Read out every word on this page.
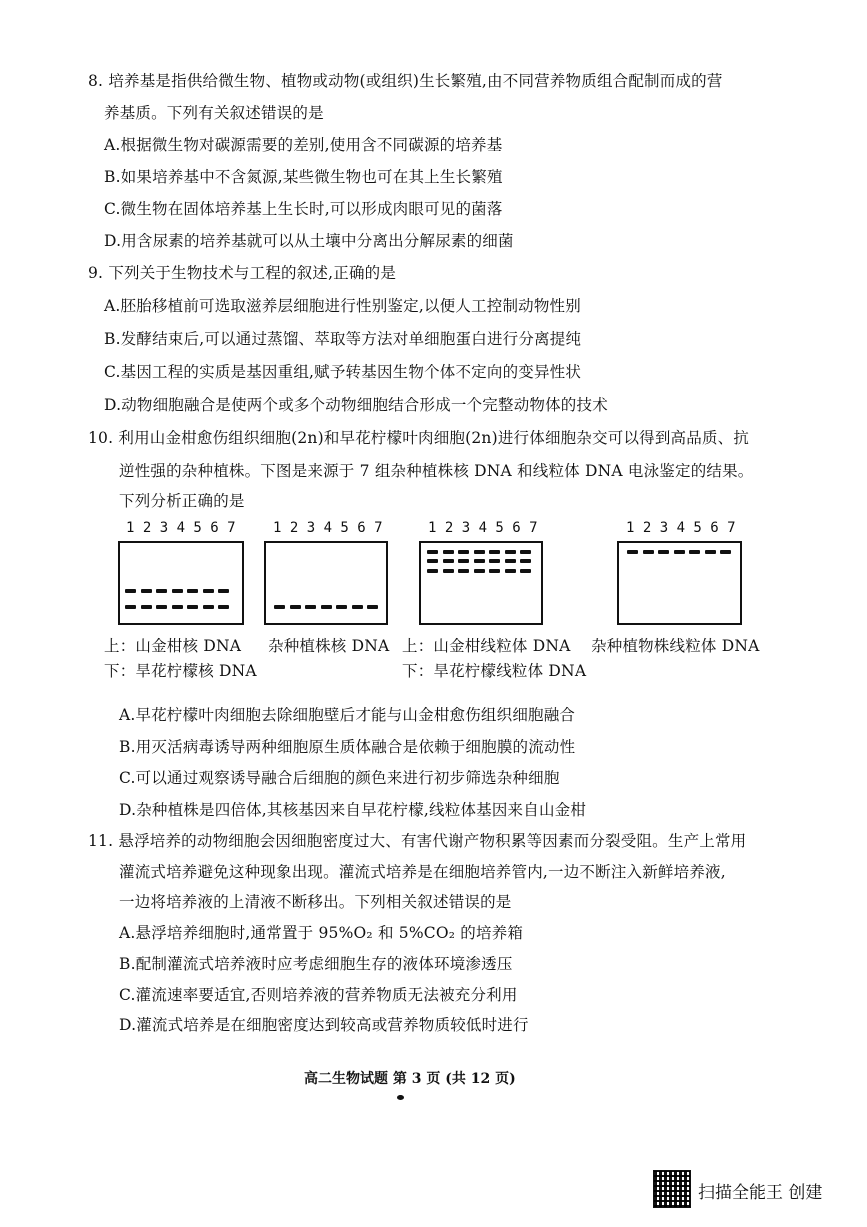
8. 培养基是指供给微生物、植物或动物(或组织)生长繁殖,由不同营养物质组合配制而成的营
养基质。下列有关叙述错误的是
A.根据微生物对碳源需要的差别,使用含不同碳源的培养基
B.如果培养基中不含氮源,某些微生物也可在其上生长繁殖
C.微生物在固体培养基上生长时,可以形成肉眼可见的菌落
D.用含尿素的培养基就可以从土壤中分离出分解尿素的细菌
9. 下列关于生物技术与工程的叙述,正确的是
A.胚胎移植前可选取滋养层细胞进行性别鉴定,以便人工控制动物性别
B.发酵结束后,可以通过蒸馏、萃取等方法对单细胞蛋白进行分离提纯
C.基因工程的实质是基因重组,赋予转基因生物个体不定向的变异性状
D.动物细胞融合是使两个或多个动物细胞结合形成一个完整动物体的技术
10. 利用山金柑愈伤组织细胞(2n)和早花柠檬叶肉细胞(2n)进行体细胞杂交可以得到高品质、抗
逆性强的杂种植株。下图是来源于 7 组杂种植株核 DNA 和线粒体 DNA 电泳鉴定的结果。
下列分析正确的是
1 2 3 4 5 6 7	1 2 3 4 5 6 7	1 2 3 4 5 6 7	1 2 3 4 5 6 7
上：山金柑核 DNA
下：旱花柠檬核 DNA
杂种植株核 DNA 上：山金柑线粒体 DNA
下：旱花柠檬线粒体 DNA
杂种植物株线粒体 DNA
A.早花柠檬叶肉细胞去除细胞壁后才能与山金柑愈伤组织细胞融合
B.用灭活病毒诱导两种细胞原生质体融合是依赖于细胞膜的流动性
C.可以通过观察诱导融合后细胞的颜色来进行初步筛选杂种细胞
D.杂种植株是四倍体,其核基因来自早花柠檬,线粒体基因来自山金柑
11. 悬浮培养的动物细胞会因细胞密度过大、有害代谢产物积累等因素而分裂受阻。生产上常用
灌流式培养避免这种现象出现。灌流式培养是在细胞培养管内,一边不断注入新鲜培养液,
一边将培养液的上清液不断移出。下列相关叙述错误的是
A.悬浮培养细胞时,通常置于 95%O₂ 和 5%CO₂ 的培养箱
B.配制灌流式培养液时应考虑细胞生存的液体环境渗透压
C.灌流速率要适宜,否则培养液的营养物质无法被充分利用
D.灌流式培养是在细胞密度达到较高或营养物质较低时进行
高二生物试题 第 3 页 (共 12 页)
扫描全能王 创建
